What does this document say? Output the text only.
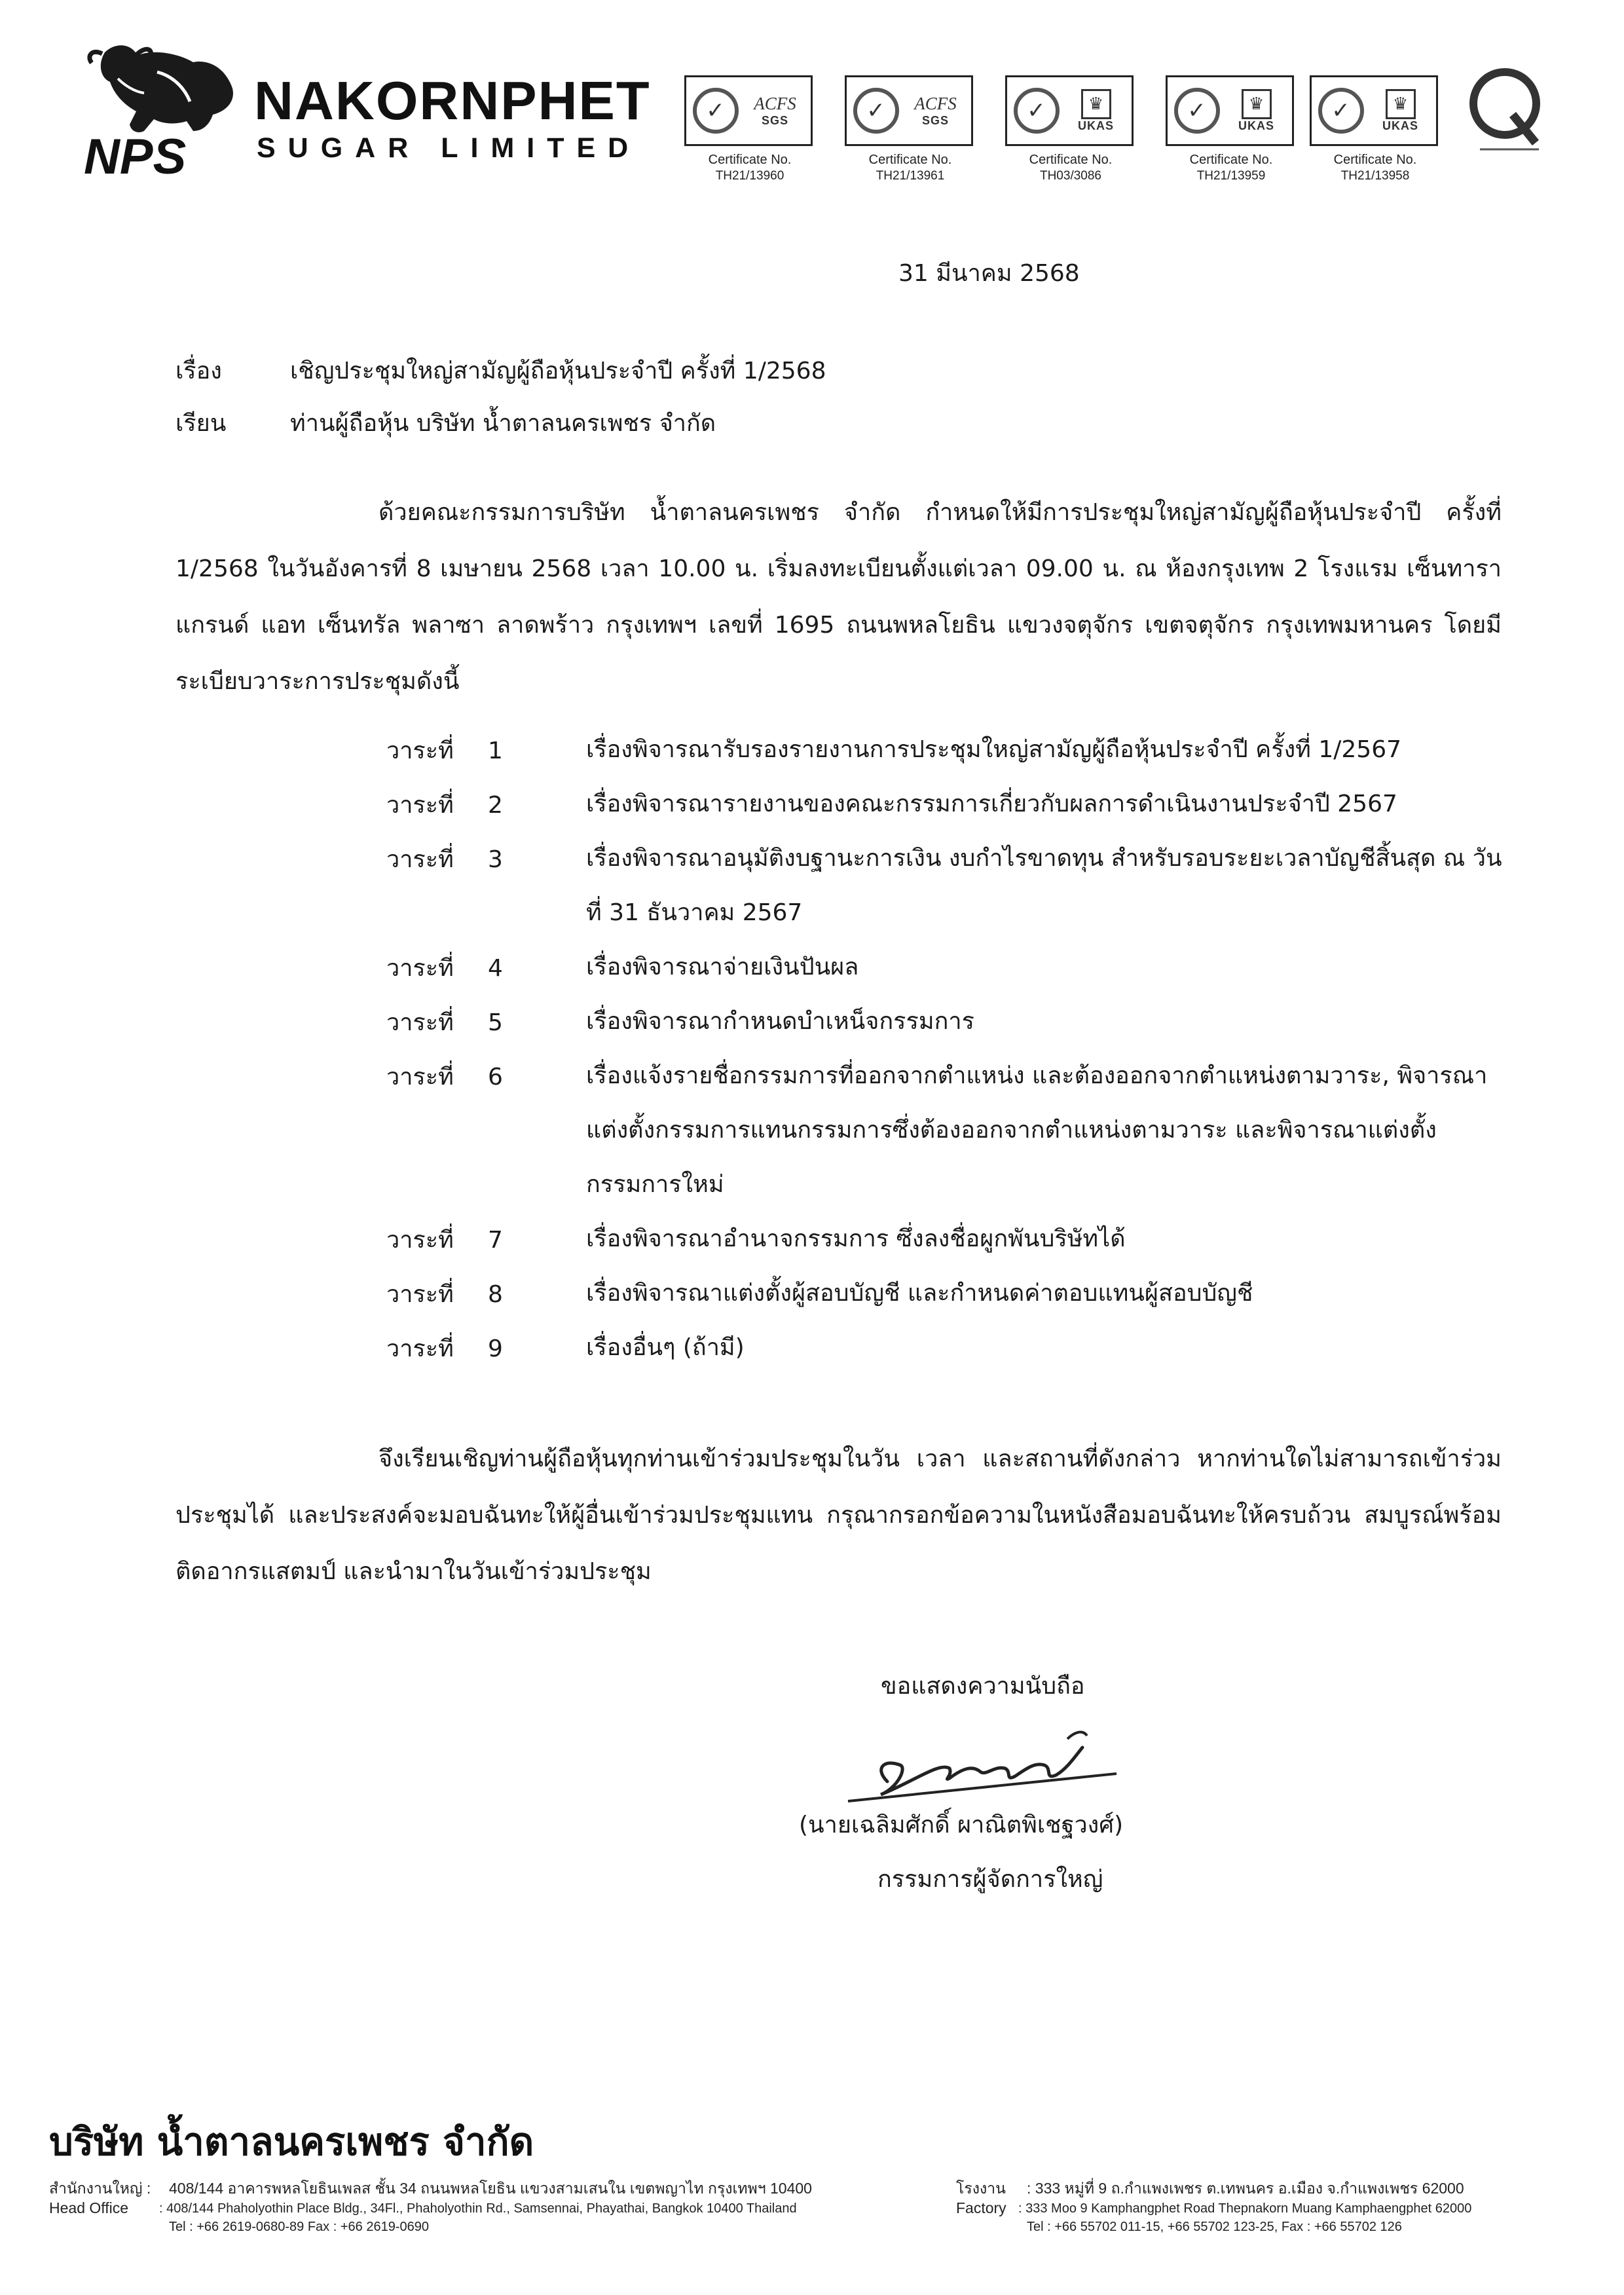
NPS
NAKORNPHET
SUGAR LIMITED
✓	ACFS
SGS
Certificate No.
TH21/13960
✓	ACFS
SGS
Certificate No.
TH21/13961
✓	♛
UKAS
Certificate No.
TH03/3086
✓	♛
UKAS
Certificate No.
TH21/13959
✓	♛
UKAS
Certificate No.
TH21/13958
Q
31 มีนาคม 2568
เรื่อง	เชิญประชุมใหญ่สามัญผู้ถือหุ้นประจำปี ครั้งที่ 1/2568
เรียน	ท่านผู้ถือหุ้น บริษัท น้ำตาลนครเพชร จำกัด
ด้วยคณะกรรมการบริษัท น้ำตาลนครเพชร จำกัด กำหนดให้มีการประชุมใหญ่สามัญผู้ถือหุ้นประจำปี ครั้งที่ 1/2568 ในวันอังคารที่ 8 เมษายน 2568 เวลา 10.00 น. เริ่มลงทะเบียนตั้งแต่เวลา 09.00 น. ณ ห้องกรุงเทพ 2 โรงแรม เซ็นทารา แกรนด์ แอท เซ็นทรัล พลาซา ลาดพร้าว กรุงเทพฯ เลขที่ 1695 ถนนพหลโยธิน แขวงจตุจักร เขตจตุจักร กรุงเทพมหานคร โดยมีระเบียบวาระการประชุมดังนี้
วาระที่ 1	เรื่องพิจารณารับรองรายงานการประชุมใหญ่สามัญผู้ถือหุ้นประจำปี ครั้งที่ 1/2567
วาระที่ 2	เรื่องพิจารณารายงานของคณะกรรมการเกี่ยวกับผลการดำเนินงานประจำปี 2567
วาระที่ 3	เรื่องพิจารณาอนุมัติงบฐานะการเงิน งบกำไรขาดทุน สำหรับรอบระยะเวลาบัญชีสิ้นสุด ณ วันที่ 31 ธันวาคม 2567
วาระที่ 4	เรื่องพิจารณาจ่ายเงินปันผล
วาระที่ 5	เรื่องพิจารณากำหนดบำเหน็จกรรมการ
วาระที่ 6	เรื่องแจ้งรายชื่อกรรมการที่ออกจากตำแหน่ง และต้องออกจากตำแหน่งตามวาระ, พิจารณาแต่งตั้งกรรมการแทนกรรมการซึ่งต้องออกจากตำแหน่งตามวาระ และพิจารณาแต่งตั้งกรรมการใหม่
วาระที่ 7	เรื่องพิจารณาอำนาจกรรมการ ซึ่งลงชื่อผูกพันบริษัทได้
วาระที่ 8	เรื่องพิจารณาแต่งตั้งผู้สอบบัญชี และกำหนดค่าตอบแทนผู้สอบบัญชี
วาระที่ 9	เรื่องอื่นๆ (ถ้ามี)
จึงเรียนเชิญท่านผู้ถือหุ้นทุกท่านเข้าร่วมประชุมในวัน เวลา และสถานที่ดังกล่าว หากท่านใดไม่สามารถเข้าร่วมประชุมได้ และประสงค์จะมอบฉันทะให้ผู้อื่นเข้าร่วมประชุมแทน กรุณากรอกข้อความในหนังสือมอบฉันทะให้ครบถ้วน สมบูรณ์พร้อมติดอากรแสตมป์ และนำมาในวันเข้าร่วมประชุม
ขอแสดงความนับถือ
(นายเฉลิมศักดิ์ ผาณิตพิเชฐวงศ์)
กรรมการผู้จัดการใหญ่
บริษัท น้ำตาลนครเพชร จำกัด
สำนักงานใหญ่ : 408/144 อาคารพหลโยธินเพลส ชั้น 34 ถนนพหลโยธิน แขวงสามเสนใน เขตพญาไท กรุงเทพฯ 10400
Head Office : 408/144 Phaholyothin Place Bldg., 34Fl., Phaholyothin Rd., Samsennai, Phayathai, Bangkok 10400 Thailand
Tel : +66 2619-0680-89 Fax : +66 2619-0690
โรงงาน : 333 หมู่ที่ 9 ถ.กำแพงเพชร ต.เทพนคร อ.เมือง จ.กำแพงเพชร 62000
Factory : 333 Moo 9 Kamphangphet Road Thepnakorn Muang Kamphaengphet 62000
Tel : +66 55702 011-15, +66 55702 123-25, Fax : +66 55702 126
